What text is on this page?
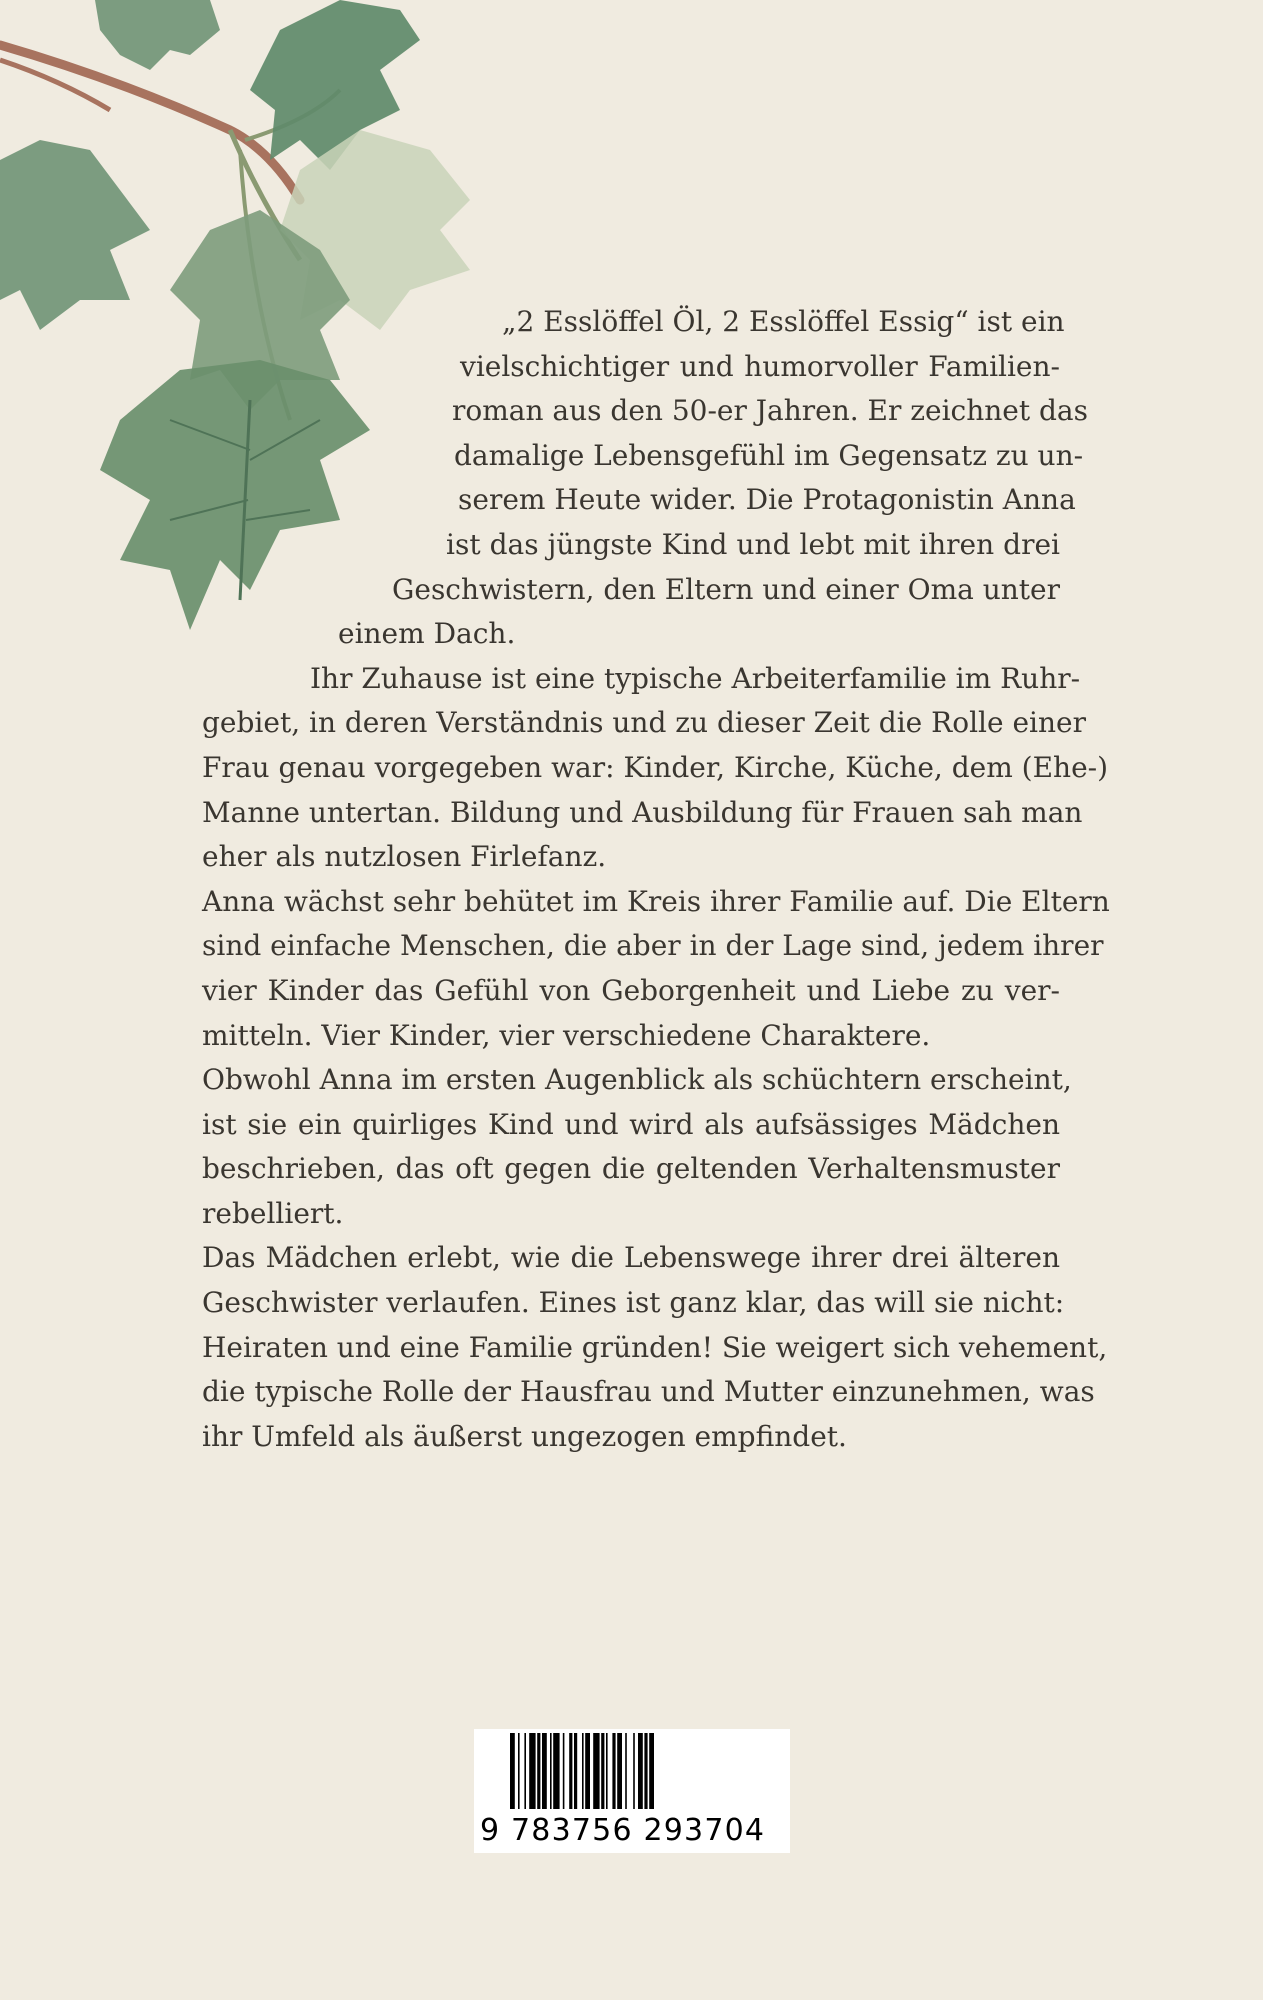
„2 Esslöffel Öl, 2 Esslöffel Essig“ ist ein
vielschichtiger und humorvoller Familien-
roman aus den 50-er Jahren. Er zeichnet das
damalige Lebensgefühl im Gegensatz zu un-
serem Heute wider. Die Protagonistin Anna
ist das jüngste Kind und lebt mit ihren drei
Geschwistern, den Eltern und einer Oma unter
einem Dach.
Ihr Zuhause ist eine typische Arbeiterfamilie im Ruhr-
gebiet, in deren Verständnis und zu dieser Zeit die Rolle einer
Frau genau vorgegeben war: Kinder, Kirche, Küche, dem (Ehe-)
Manne untertan. Bildung und Ausbildung für Frauen sah man
eher als nutzlosen Firlefanz.
Anna wächst sehr behütet im Kreis ihrer Familie auf. Die Eltern
sind einfache Menschen, die aber in der Lage sind, jedem ihrer
vier Kinder das Gefühl von Geborgenheit und Liebe zu ver-
mitteln. Vier Kinder, vier verschiedene Charaktere.
Obwohl Anna im ersten Augenblick als schüchtern erscheint,
ist sie ein quirliges Kind und wird als aufsässiges Mädchen
beschrieben, das oft gegen die geltenden Verhaltensmuster
rebelliert.
Das Mädchen erlebt, wie die Lebenswege ihrer drei älteren
Geschwister verlaufen. Eines ist ganz klar, das will sie nicht:
Heiraten und eine Familie gründen! Sie weigert sich vehement,
die typische Rolle der Hausfrau und Mutter einzunehmen, was
ihr Umfeld als äußerst ungezogen empfindet.
9 783756 293704
